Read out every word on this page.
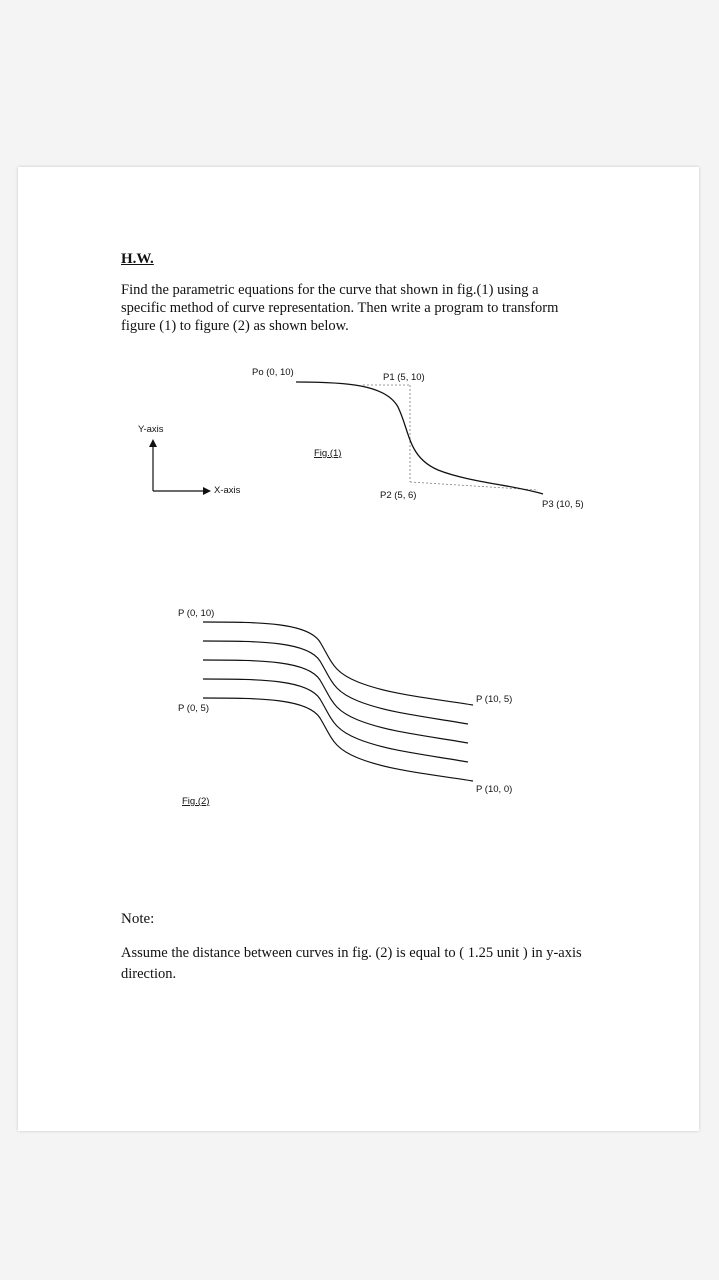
H.W.
Find the parametric equations for the curve that shown in fig.(1) using a
specific method of curve representation. Then write a program to transform
figure (1) to figure (2) as shown below.
Y-axis
X-axis
Po (0, 10)	P1 (5, 10)
P2 (5, 6)
P3 (10, 5)
Fig.(1)
P (0, 10)
P (0, 5)
P (10, 5)
P (10, 0)
Fig.(2)
Note:
Assume the distance between curves in fig. (2) is equal to ( 1.25 unit ) in y-axis direction.
